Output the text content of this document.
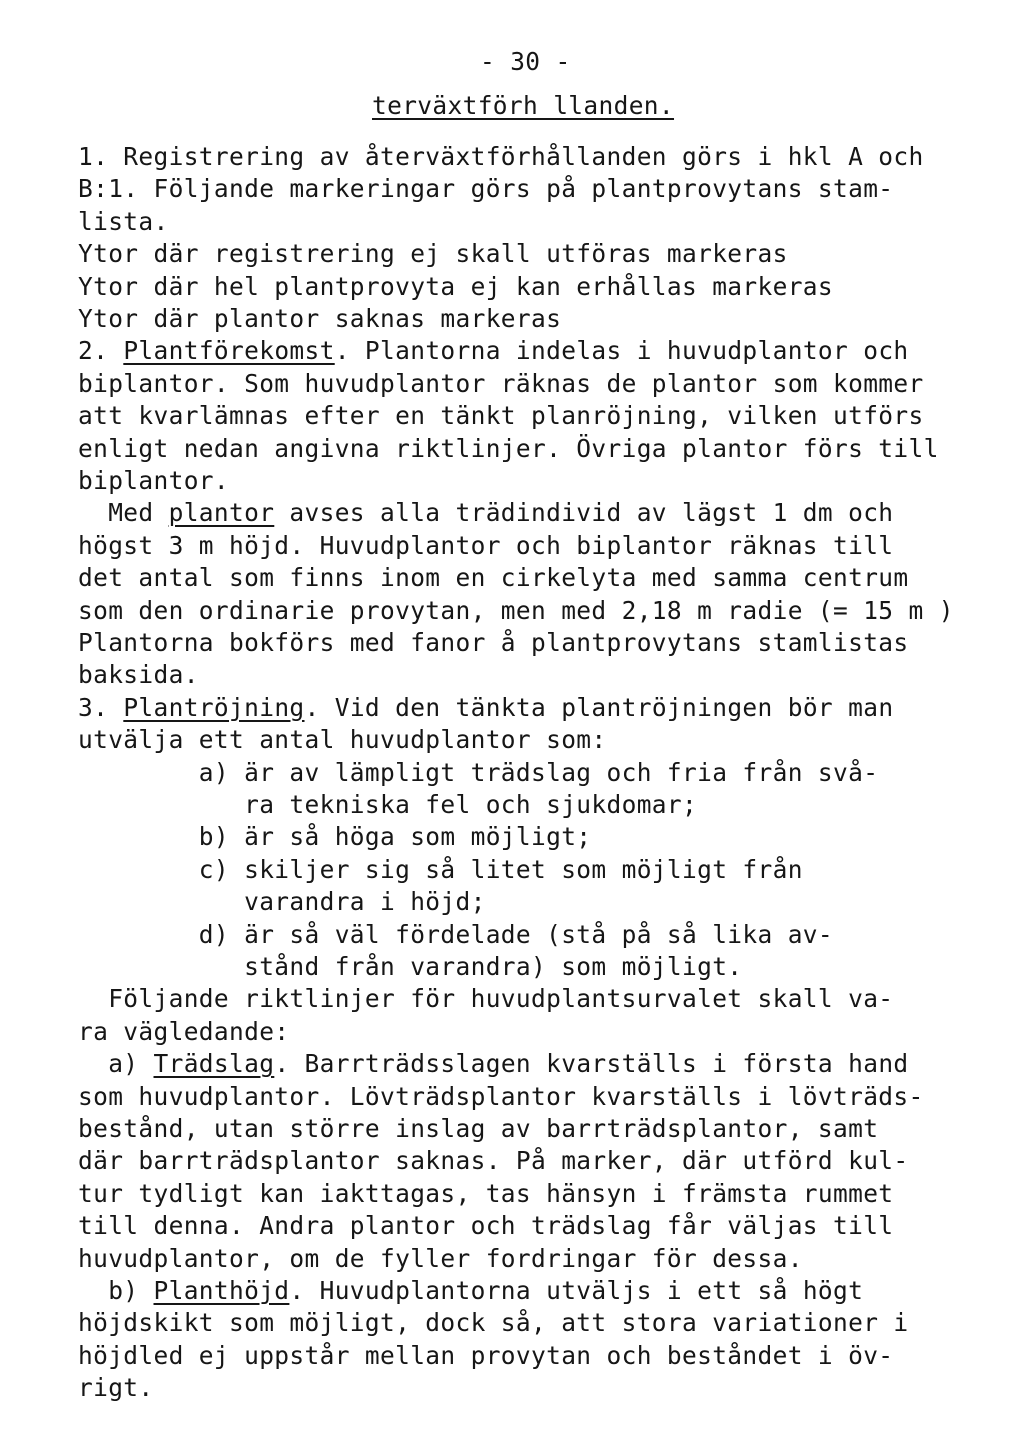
- 30 -
terväxtförh llanden.
1. Registrering av återväxtförhållanden görs i hkl A och
B:1. Följande markeringar görs på plantprovytans stam-
lista.
Ytor där registrering ej skall utföras markeras
Ytor där hel plantprovyta ej kan erhållas markeras
Ytor där plantor saknas markeras
2. Plantförekomst. Plantorna indelas i huvudplantor och
biplantor. Som huvudplantor räknas de plantor som kommer
att kvarlämnas efter en tänkt planröjning, vilken utförs
enligt nedan angivna riktlinjer. Övriga plantor förs till
biplantor.
Med plantor avses alla trädindivid av lägst 1 dm och
högst 3 m höjd. Huvudplantor och biplantor räknas till
det antal som finns inom en cirkelyta med samma centrum
som den ordinarie provytan, men med 2,18 m radie (= 15 m )
Plantorna bokförs med fanor å plantprovytans stamlistas
baksida.
3. Plantröjning. Vid den tänkta plantröjningen bör man
utvälja ett antal huvudplantor som:
a) är av lämpligt trädslag och fria från svå-
ra tekniska fel och sjukdomar;
b) är så höga som möjligt;
c) skiljer sig så litet som möjligt från
varandra i höjd;
d) är så väl fördelade (stå på så lika av-
stånd från varandra) som möjligt.
Följande riktlinjer för huvudplantsurvalet skall va-
ra vägledande:
a) Trädslag. Barrträdsslagen kvarställs i första hand
som huvudplantor. Lövträdsplantor kvarställs i lövträds-
bestånd, utan större inslag av barrträdsplantor, samt
där barrträdsplantor saknas. På marker, där utförd kul-
tur tydligt kan iakttagas, tas hänsyn i främsta rummet
till denna. Andra plantor och trädslag får väljas till
huvudplantor, om de fyller fordringar för dessa.
b) Planthöjd. Huvudplantorna utväljs i ett så högt
höjdskikt som möjligt, dock så, att stora variationer i
höjdled ej uppstår mellan provytan och beståndet i öv-
rigt.
